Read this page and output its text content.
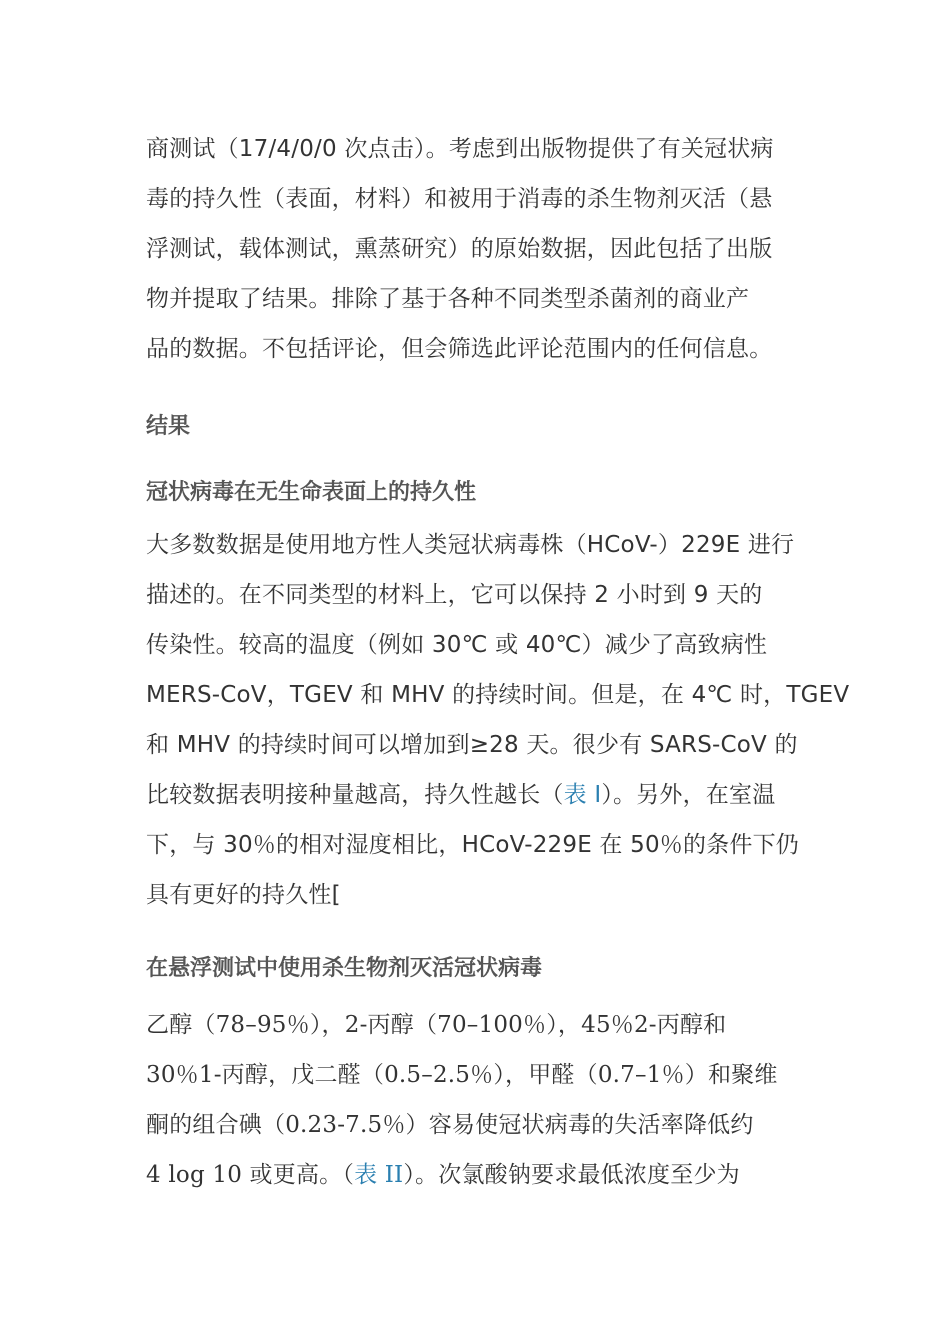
商测试（17/4/0/0 次点击）。考虑到出版物提供了有关冠状病
毒的持久性（表面，材料）和被用于消毒的杀生物剂灭活（悬
浮测试，载体测试，熏蒸研究）的原始数据，因此包括了出版
物并提取了结果。排除了基于各种不同类型杀菌剂的商业产
品的数据。不包括评论，但会筛选此评论范围内的任何信息。

结果
冠状病毒在无生命表面上的持久性

大多数数据是使用地方性人类冠状病毒株（HCoV-）229E 进行
描述的。在不同类型的材料上，它可以保持 2 小时到 9 天的
传染性。较高的温度（例如 30℃ 或 40℃）减少了高致病性
MERS-CoV，TGEV 和 MHV 的持续时间。但是，在 4℃ 时，TGEV
和 MHV 的持续时间可以增加到≥28 天。很少有 SARS-CoV 的
比较数据表明接种量越高，持久性越长（表 I）。另外，在室温
下，与 30％的相对湿度相比，HCoV-229E 在 50％的条件下仍
具有更好的持久性[

在悬浮测试中使用杀生物剂灭活冠状病毒

乙醇（78–95％），2-丙醇（70–100％），45％2-丙醇和
30％1-丙醇，戊二醛（0.5–2.5％），甲醛（0.7–1％）和聚维
酮的组合碘（0.23-7.5％）容易使冠状病毒的失活率降低约
4 log 10 或更高。（表 II）。次氯酸钠要求最低浓度至少为
